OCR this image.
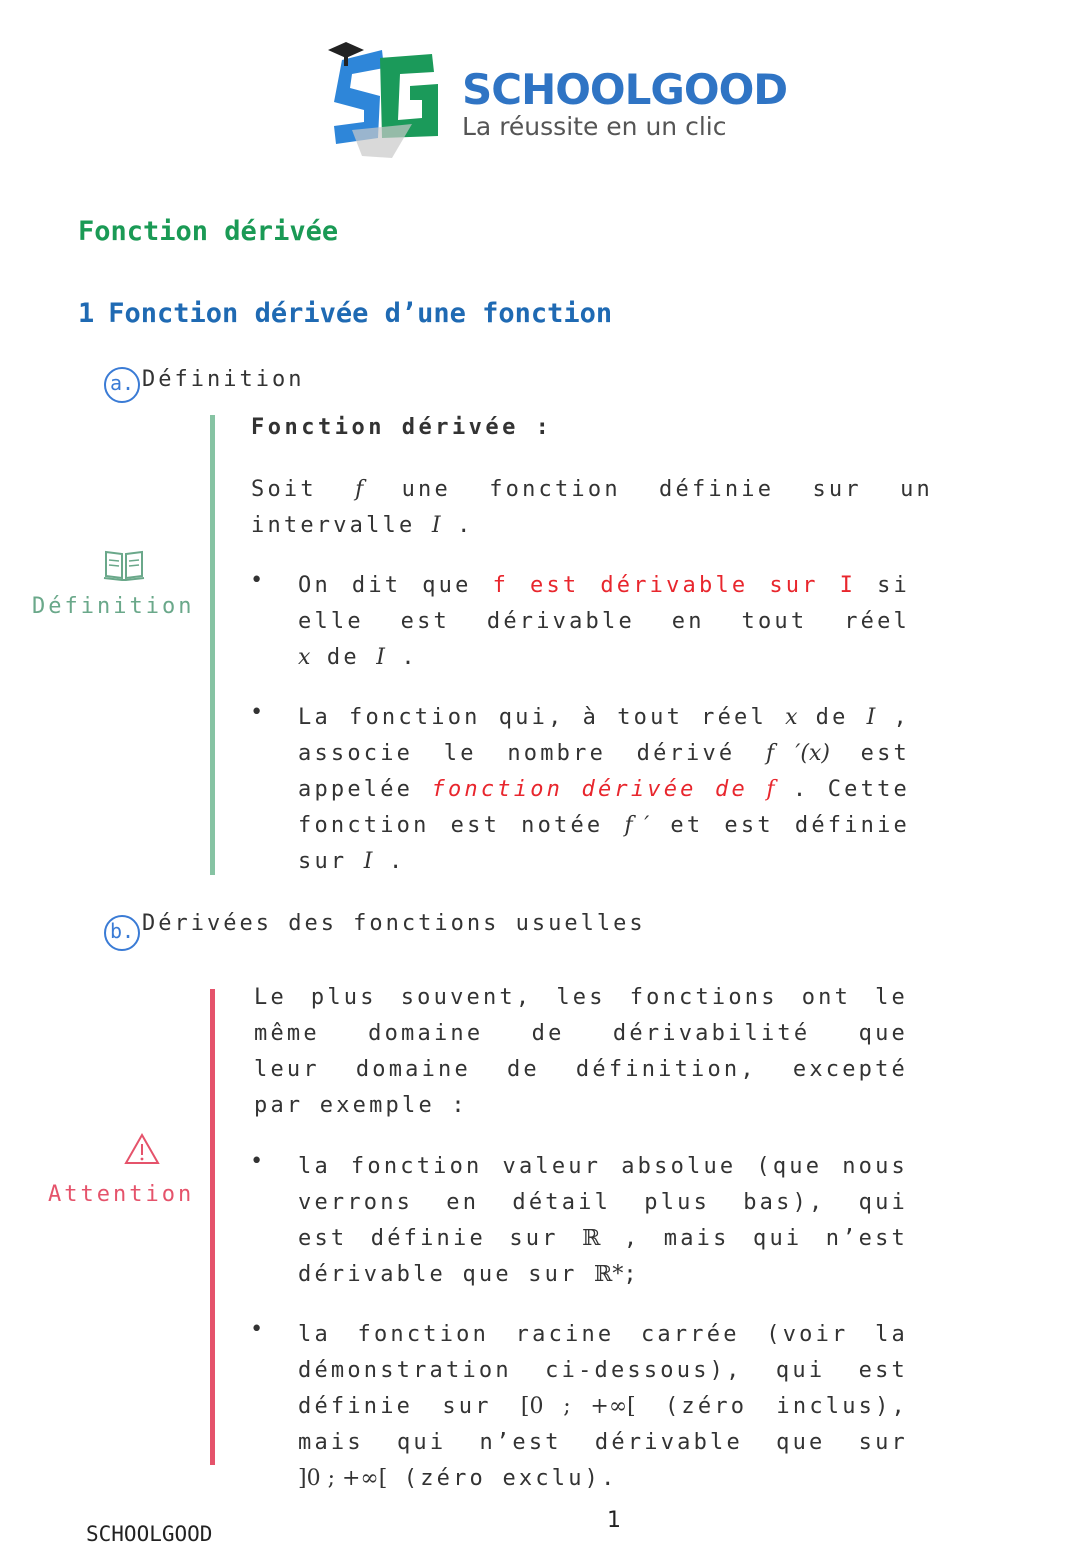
SCHOOLGOOD
La réussite en un clic
Fonction dérivée
1 Fonction dérivée d’une fonction
a. Définition
Définition
Fonction dérivée :
Soit f une fonction définie sur un
intervalle I .
•	On dit que f est dérivable sur I si
elle est dérivable en tout réel
x de I .
•	La fonction qui, à tout réel x de I ,
associe le nombre dérivé f ′(x) est
appelée fonction dérivée de f . Cette
fonction est notée f ′ et est définie
sur I .
b. Dérivées des fonctions usuelles
Attention
Le plus souvent, les fonctions ont le
même domaine de dérivabilité que
leur domaine de définition, excepté
par exemple :
•	la fonction valeur absolue (que nous
verrons en détail plus bas), qui
est définie sur ℝ , mais qui n’est
dérivable que sur ℝ*;
•	la fonction racine carrée (voir la
démonstration ci-dessous), qui est
définie sur [0 ; +∞[ (zéro inclus),
mais qui n’est dérivable que sur
]0 ; +∞[ (zéro exclu).
1
SCHOOLGOOD
